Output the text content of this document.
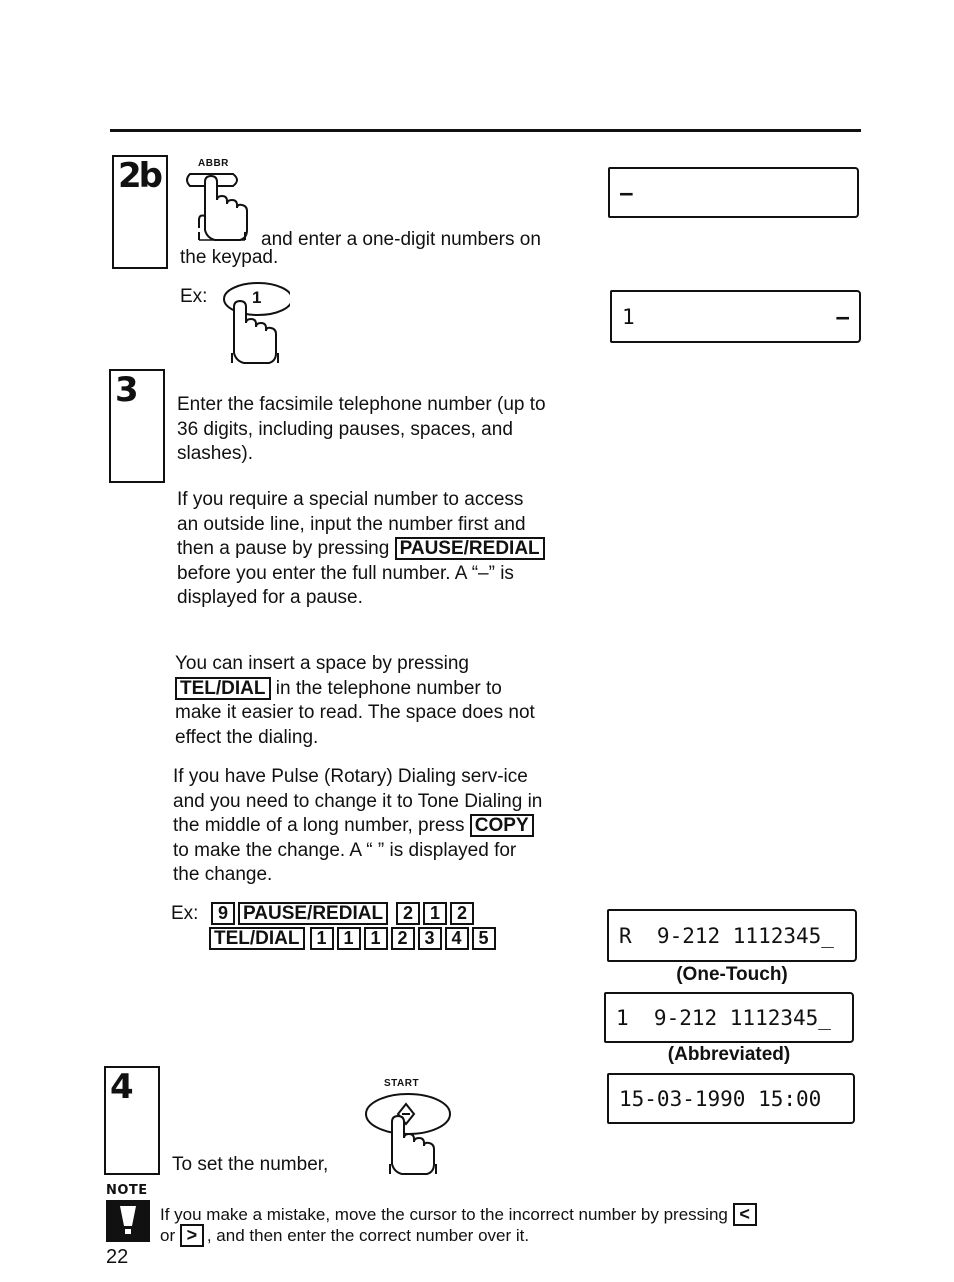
2b	ABBR
and enter a one-digit numbers on
the keypad.
Ex:	1
–
1	–
3 Enter the facsimile telephone number (up to 36 digits, including pauses, spaces, and slashes).
If you require a special number to access an outside line, input the number first and then a pause by pressing PAUSE/REDIAL before you enter the full number. A “–” is displayed for a pause.
You can insert a space by pressing TEL/DIAL in the telephone number to make it easier to read. The space does not effect the dialing.
If you have Pulse (Rotary) Dialing serv-ice and you need to change it to Tone Dialing in the middle of a long number, press COPY to make the change. A “ ” is displayed for the change.
Ex:	9 PAUSE/REDIAL 2 1 2
TEL/DIAL 1 1 1 2 3 4 5	R  9-212 1112345_
(One-Touch)
1  9-212 1112345_
(Abbreviated)
4
To set the number,
START
15-03-1990 15:00
NOTE
If you make a mistake, move the cursor to the incorrect number by pressing <
or > , and then enter the correct number over it.
22
